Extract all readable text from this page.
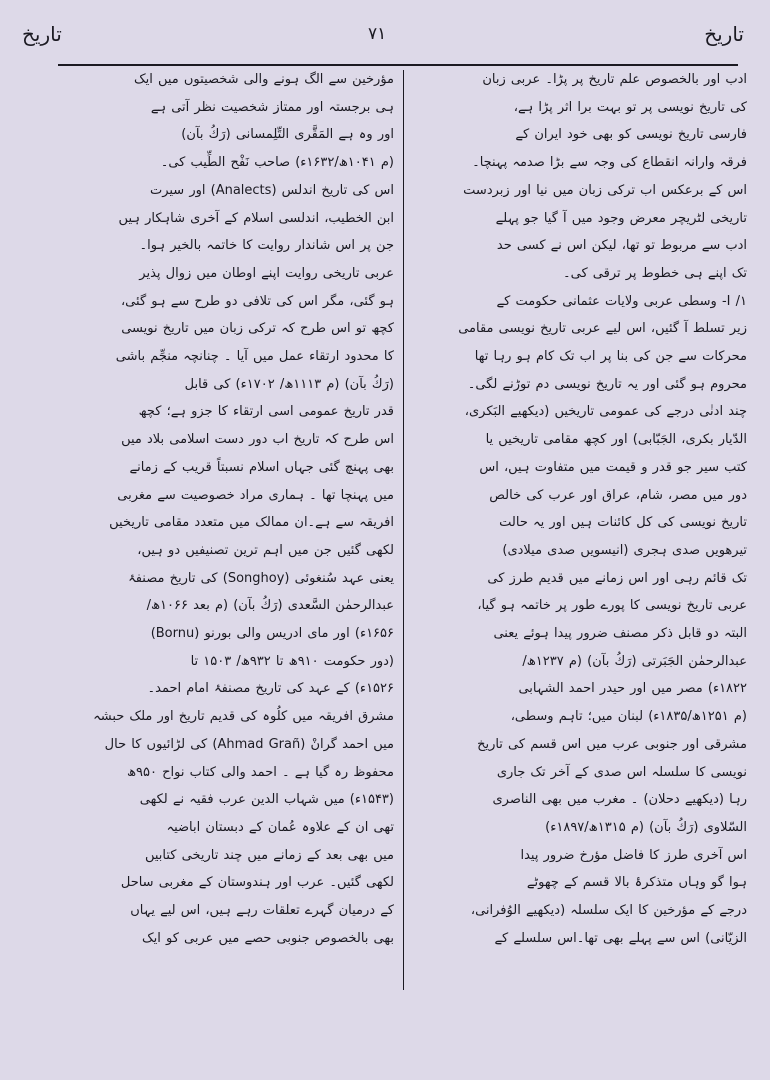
تاریخ	۷۱	تاریخ
ادب اور بالخصوص علم تاریخ پر پڑا۔ عربی زبان
کی تاریخ نویسی پر تو بہت برا اثر پڑا ہے،
فارسی تاریخ نویسی کو بھی خود ایران کے
فرقہ وارانہ انقطاع کی وجہ سے بڑا صدمہ پہنچا۔
اس کے برعکس اب ترکی زبان میں نیا اور زبردست
تاریخی لٹریچر معرض وجود میں آ گیا جو پہلے
ادب سے مربوط تو تھا، لیکن اس نے کسی حد
تک اپنے ہی خطوط پر ترقی کی۔
I /۱- وسطی عربی ولایات عثمانی حکومت کے
زیر تسلط آ گئیں، اس لیے عربی تاریخ نویسی مقامی
محرکات سے جن کی بنا پر اب تک کام ہو رہا تھا
محروم ہو گئی اور یہ تاریخ نویسی دم توڑنے لگی۔
چند ادنٰی درجے کی عمومی تاریخیں (دیکھیے البَکری،
الدّیار بکری، الجَبّابی) اور کچھ مقامی تاریخیں یا
کتب سیر جو قدر و قیمت میں متفاوت ہیں، اس
دور میں مصر، شام، عراق اور عرب کی خالص
تاریخ نویسی کی کل کائنات ہیں اور یہ حالت
تیرھویں صدی ہجری (انیسویں صدی میلادی)
تک قائم رہی اور اس زمانے میں قدیم طرز کی
عربی تاریخ نویسی کا پورے طور پر خاتمہ ہو گیا،
البتہ دو قابل ذکر مصنف ضرور پیدا ہوئے یعنی
عبدالرحمٰن الجَبَرتی (رَكُ بآن) (م ۱۲۳۷ھ/
۱۸۲۲ء) مصر میں اور حیدر احمد الشہابی
(م ۱۲۵۱ھ/۱۸۳۵ء) لبنان میں؛ تاہم وسطی،
مشرقی اور جنوبی عرب میں اس قسم کی تاریخ
نویسی کا سلسلہ اس صدی کے آخر تک جاری
رہا (دیکھیے دحلان) ۔ مغرب میں بھی الناصری
السّلاوی (رَكُ بآن) (م ۱۳۱۵ھ/۱۸۹۷ء)
اس آخری طرز کا فاضل مؤرخ ضرور پیدا
ہوا گو وہاں متذکرۂ بالا قسم کے چھوٹے
درجے کے مؤرخین کا ایک سلسلہ (دیکھیے الوُفرانی،
الزیّانی) اس سے پہلے بھی تھا۔اس سلسلے کے
مؤرخین سے الگ ہونے والی شخصیتوں میں ایک
ہی برجستہ اور ممتاز شخصیت نظر آتی ہے
اور وہ ہے المَقَّری التِّلِمسانی (رَكُ بآن)
(م ۱۰۴۱ھ/۱۶۳۲ء) صاحب نَفْح الطِّیب کی۔
اس کی تاریخ اندلس (Analects) اور سیرت
ابن الخطیب، اندلسی اسلام کے آخری شاہکار ہیں
جن پر اس شاندار روایت کا خاتمہ بالخیر ہوا۔
عربی تاریخی روایت اپنے اوطان میں زوال پذیر
ہو گئی، مگر اس کی تلافی دو طرح سے ہو گئی،
کچھ تو اس طرح کہ ترکی زبان میں تاریخ نویسی
کا محدود ارتقاء عمل میں آیا ۔ چنانچہ منجِّم باشی
(رَكُ بآن) (م ۱۱۱۳ھ/ ۱۷۰۲ء) کی قابل
قدر تاریخ عمومی اسی ارتقاء کا جزو ہے؛ کچھ
اس طرح کہ تاریخ اب دور دست اسلامی بلاد میں
بھی پہنچ گئی جہاں اسلام نسبتاً قریب کے زمانے
میں پہنچا تھا ۔ ہماری مراد خصوصیت سے مغربی
افریقہ سے ہے۔ان ممالک میں متعدد مقامی تاریخیں
لکھی گئیں جن میں اہم ترین تصنیفیں دو ہیں،
یعنی عہد سُنغوئی (Songhoy) کی تاریخ مصنفۂ
عبدالرحمٰن السَّعدی (رَكُ بآن) (م بعد ۱۰۶۶ھ/
۱۶۵۶ء) اور مای ادریس والی بورنو (Bornu)
(دور حکومت ۹۱۰ھ تا ۹۳۲ھ/ ۱۵۰۳ تا
۱۵۲۶ء) کے عہد کی تاریخ مصنفۂ امام احمد۔
مشرق افریقہ میں کلُوہ کی قدیم تاریخ اور ملک حبشہ
میں احمد گرانْ (Ahmad Grañ) کی لڑائیوں کا حال
محفوظ رہ گیا ہے ۔ احمد والی کتاب نواح ۹۵۰ھ
(۱۵۴۳ء) میں شہاب الدین عرب فقیہ نے لکھی
تھی ان کے علاوہ عُمان کے دبستان اباضیہ
میں بھی بعد کے زمانے میں چند تاریخی کتابیں
لکھی گئیں۔ عرب اور ہندوستان کے مغربی ساحل
کے درمیان گہرے تعلقات رہے ہیں، اس لیے یہاں
بھی بالخصوص جنوبی حصے میں عربی کو ایک
